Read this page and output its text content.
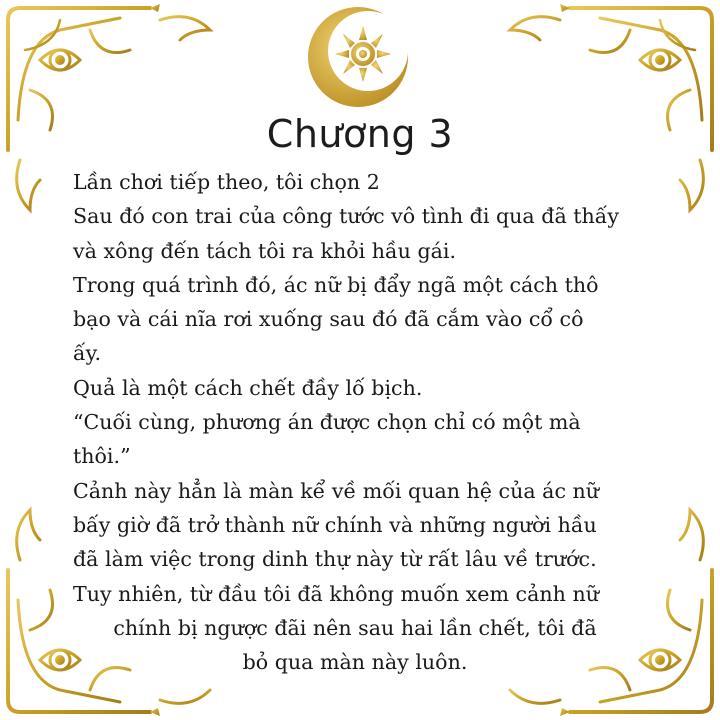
Chương 3
Lần chơi tiếp theo, tôi chọn 2
Sau đó con trai của công tước vô tình đi qua đã thấy
và xông đến tách tôi ra khỏi hầu gái.
Trong quá trình đó, ác nữ bị đẩy ngã một cách thô
bạo và cái nĩa rơi xuống sau đó đã cắm vào cổ cô
ấy.
Quả là một cách chết đầy lố bịch.
“Cuối cùng, phương án được chọn chỉ có một mà
thôi.”
Cảnh này hẳn là màn kể về mối quan hệ của ác nữ
bấy giờ đã trở thành nữ chính và những người hầu
đã làm việc trong dinh thự này từ rất lâu về trước.
Tuy nhiên, từ đầu tôi đã không muốn xem cảnh nữ
chính bị ngược đãi nên sau hai lần chết, tôi đã
bỏ qua màn này luôn.
